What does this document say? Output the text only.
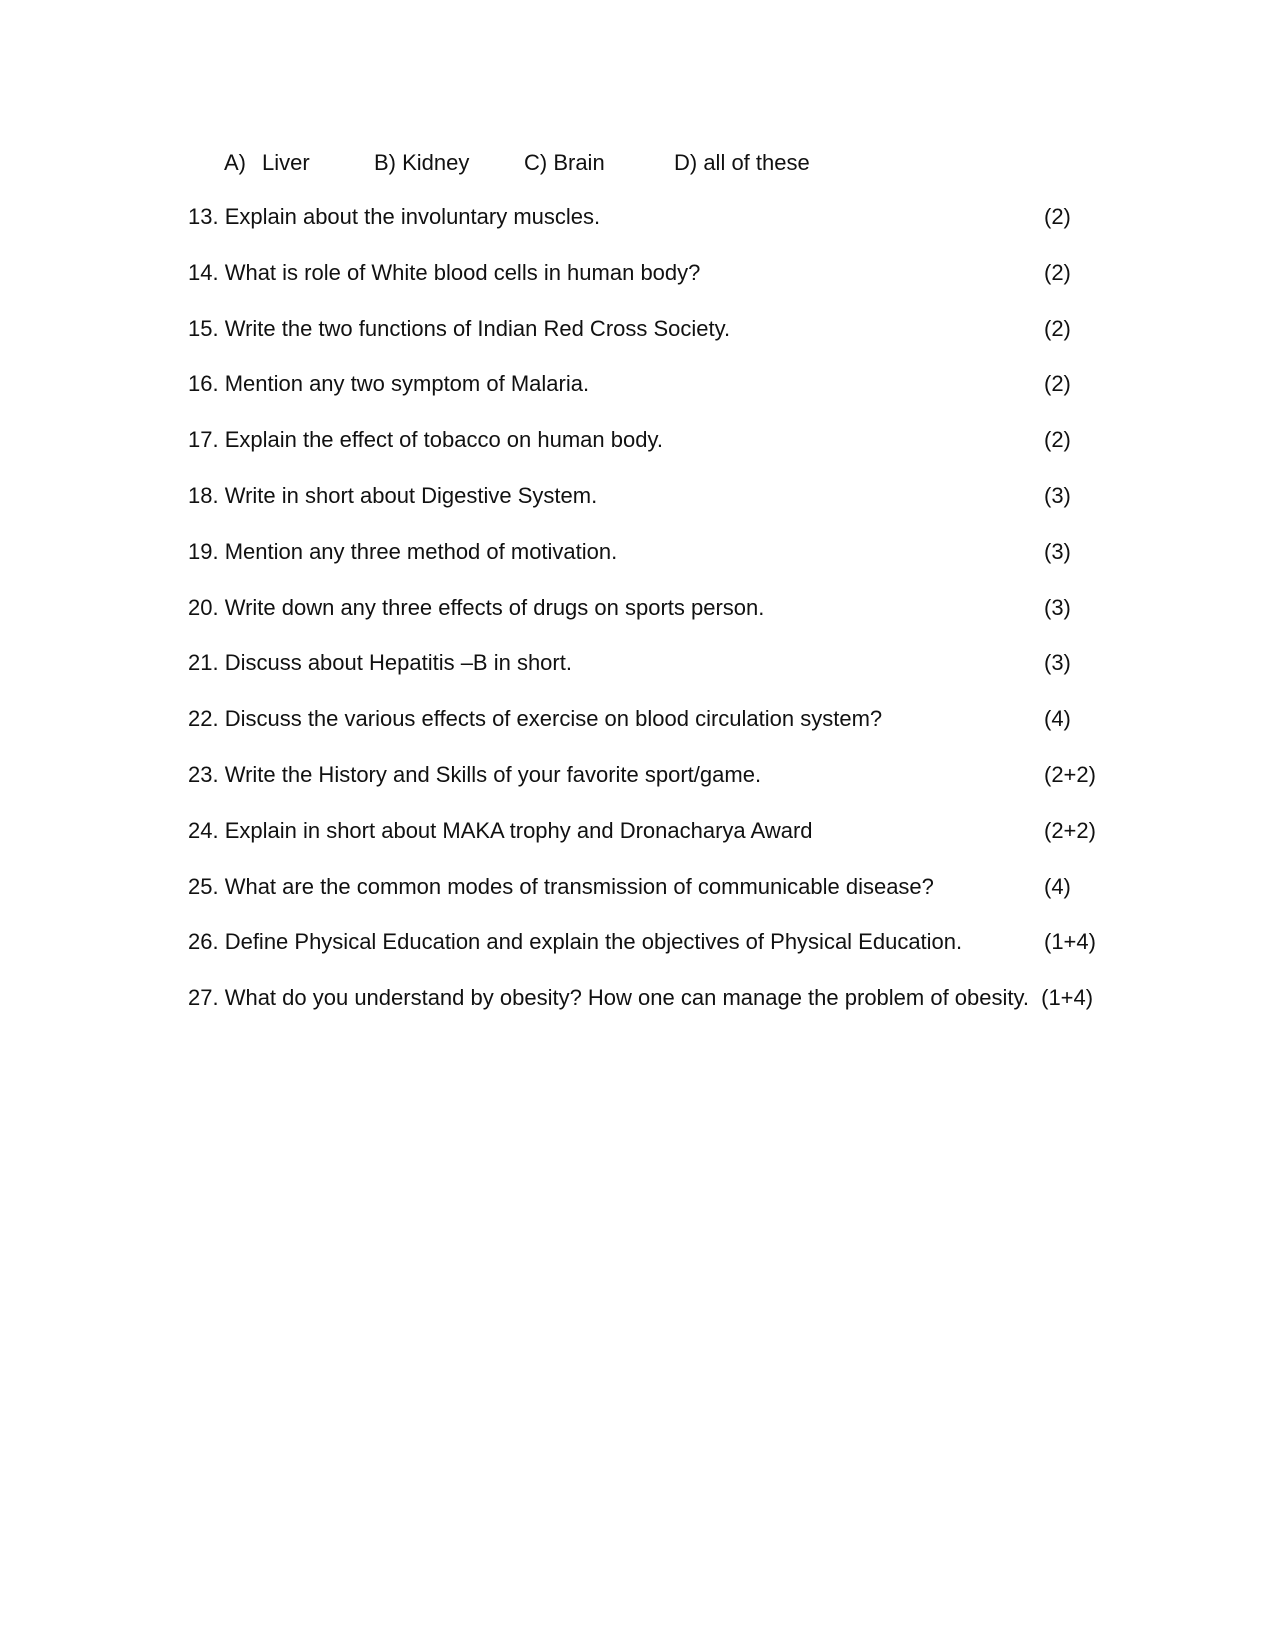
A) Liver	B) Kidney C) Brain	D) all of these
13. Explain about the involuntary muscles.	(2)
14. What is role of White blood cells in human body?	(2)
15. Write the two functions of Indian Red Cross Society.	(2)
16. Mention any two symptom of Malaria.	(2)
17. Explain the effect of tobacco on human body.	(2)
18. Write in short about Digestive System.	(3)
19. Mention any three method of motivation.	(3)
20. Write down any three effects of drugs on sports person.	(3)
21. Discuss about Hepatitis –B in short.	(3)
22. Discuss the various effects of exercise on blood circulation system?	(4)
23. Write the History and Skills of your favorite sport/game.	(2+2)
24. Explain in short about MAKA trophy and Dronacharya Award	(2+2)
25. What are the common modes of transmission of communicable disease?	(4)
26. Define Physical Education and explain the objectives of Physical Education.	(1+4)
27. What do you understand by obesity? How one can manage the problem of obesity. (1+4)
